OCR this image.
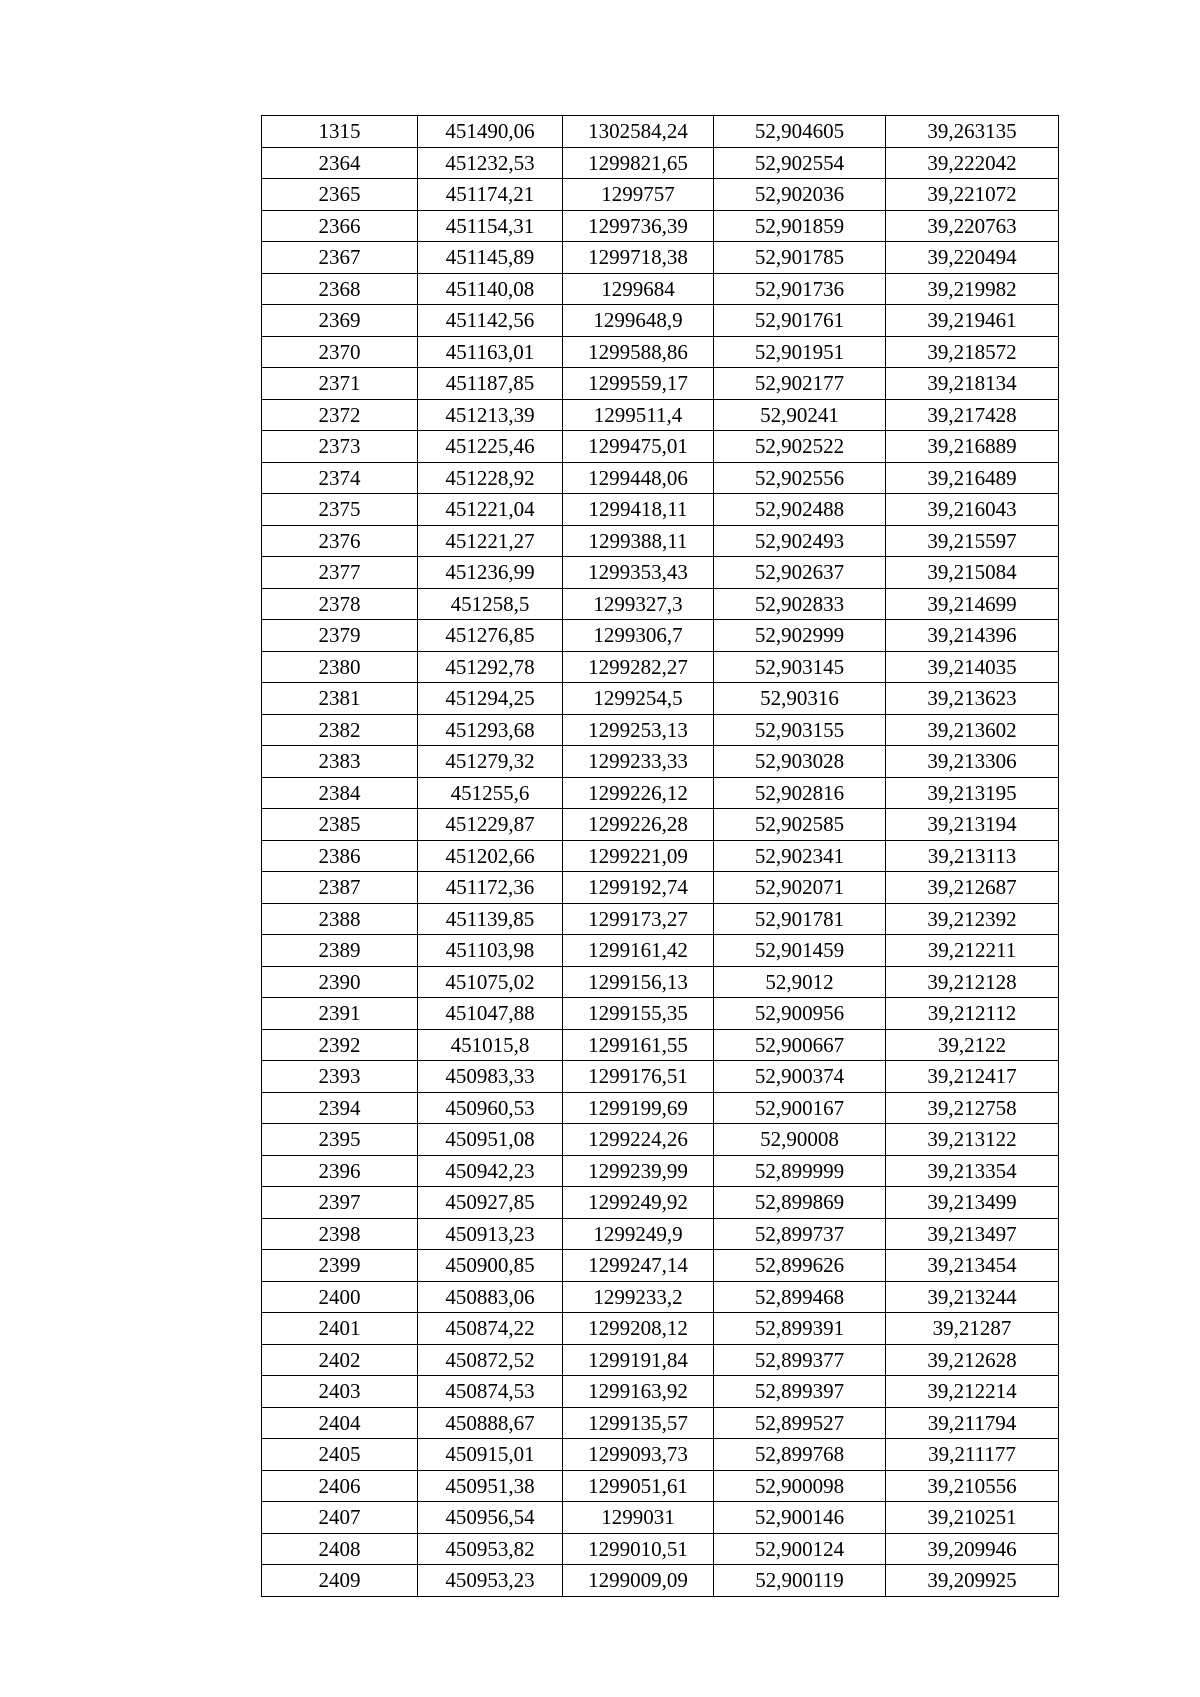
1315	451490,06	1302584,24	52,904605	39,263135
2364	451232,53	1299821,65	52,902554	39,222042
2365	451174,21	1299757	52,902036	39,221072
2366	451154,31	1299736,39	52,901859	39,220763
2367	451145,89	1299718,38	52,901785	39,220494
2368	451140,08	1299684	52,901736	39,219982
2369	451142,56	1299648,9	52,901761	39,219461
2370	451163,01	1299588,86	52,901951	39,218572
2371	451187,85	1299559,17	52,902177	39,218134
2372	451213,39	1299511,4	52,90241	39,217428
2373	451225,46	1299475,01	52,902522	39,216889
2374	451228,92	1299448,06	52,902556	39,216489
2375	451221,04	1299418,11	52,902488	39,216043
2376	451221,27	1299388,11	52,902493	39,215597
2377	451236,99	1299353,43	52,902637	39,215084
2378	451258,5	1299327,3	52,902833	39,214699
2379	451276,85	1299306,7	52,902999	39,214396
2380	451292,78	1299282,27	52,903145	39,214035
2381	451294,25	1299254,5	52,90316	39,213623
2382	451293,68	1299253,13	52,903155	39,213602
2383	451279,32	1299233,33	52,903028	39,213306
2384	451255,6	1299226,12	52,902816	39,213195
2385	451229,87	1299226,28	52,902585	39,213194
2386	451202,66	1299221,09	52,902341	39,213113
2387	451172,36	1299192,74	52,902071	39,212687
2388	451139,85	1299173,27	52,901781	39,212392
2389	451103,98	1299161,42	52,901459	39,212211
2390	451075,02	1299156,13	52,9012	39,212128
2391	451047,88	1299155,35	52,900956	39,212112
2392	451015,8	1299161,55	52,900667	39,2122
2393	450983,33	1299176,51	52,900374	39,212417
2394	450960,53	1299199,69	52,900167	39,212758
2395	450951,08	1299224,26	52,90008	39,213122
2396	450942,23	1299239,99	52,899999	39,213354
2397	450927,85	1299249,92	52,899869	39,213499
2398	450913,23	1299249,9	52,899737	39,213497
2399	450900,85	1299247,14	52,899626	39,213454
2400	450883,06	1299233,2	52,899468	39,213244
2401	450874,22	1299208,12	52,899391	39,21287
2402	450872,52	1299191,84	52,899377	39,212628
2403	450874,53	1299163,92	52,899397	39,212214
2404	450888,67	1299135,57	52,899527	39,211794
2405	450915,01	1299093,73	52,899768	39,211177
2406	450951,38	1299051,61	52,900098	39,210556
2407	450956,54	1299031	52,900146	39,210251
2408	450953,82	1299010,51	52,900124	39,209946
2409	450953,23	1299009,09	52,900119	39,209925
